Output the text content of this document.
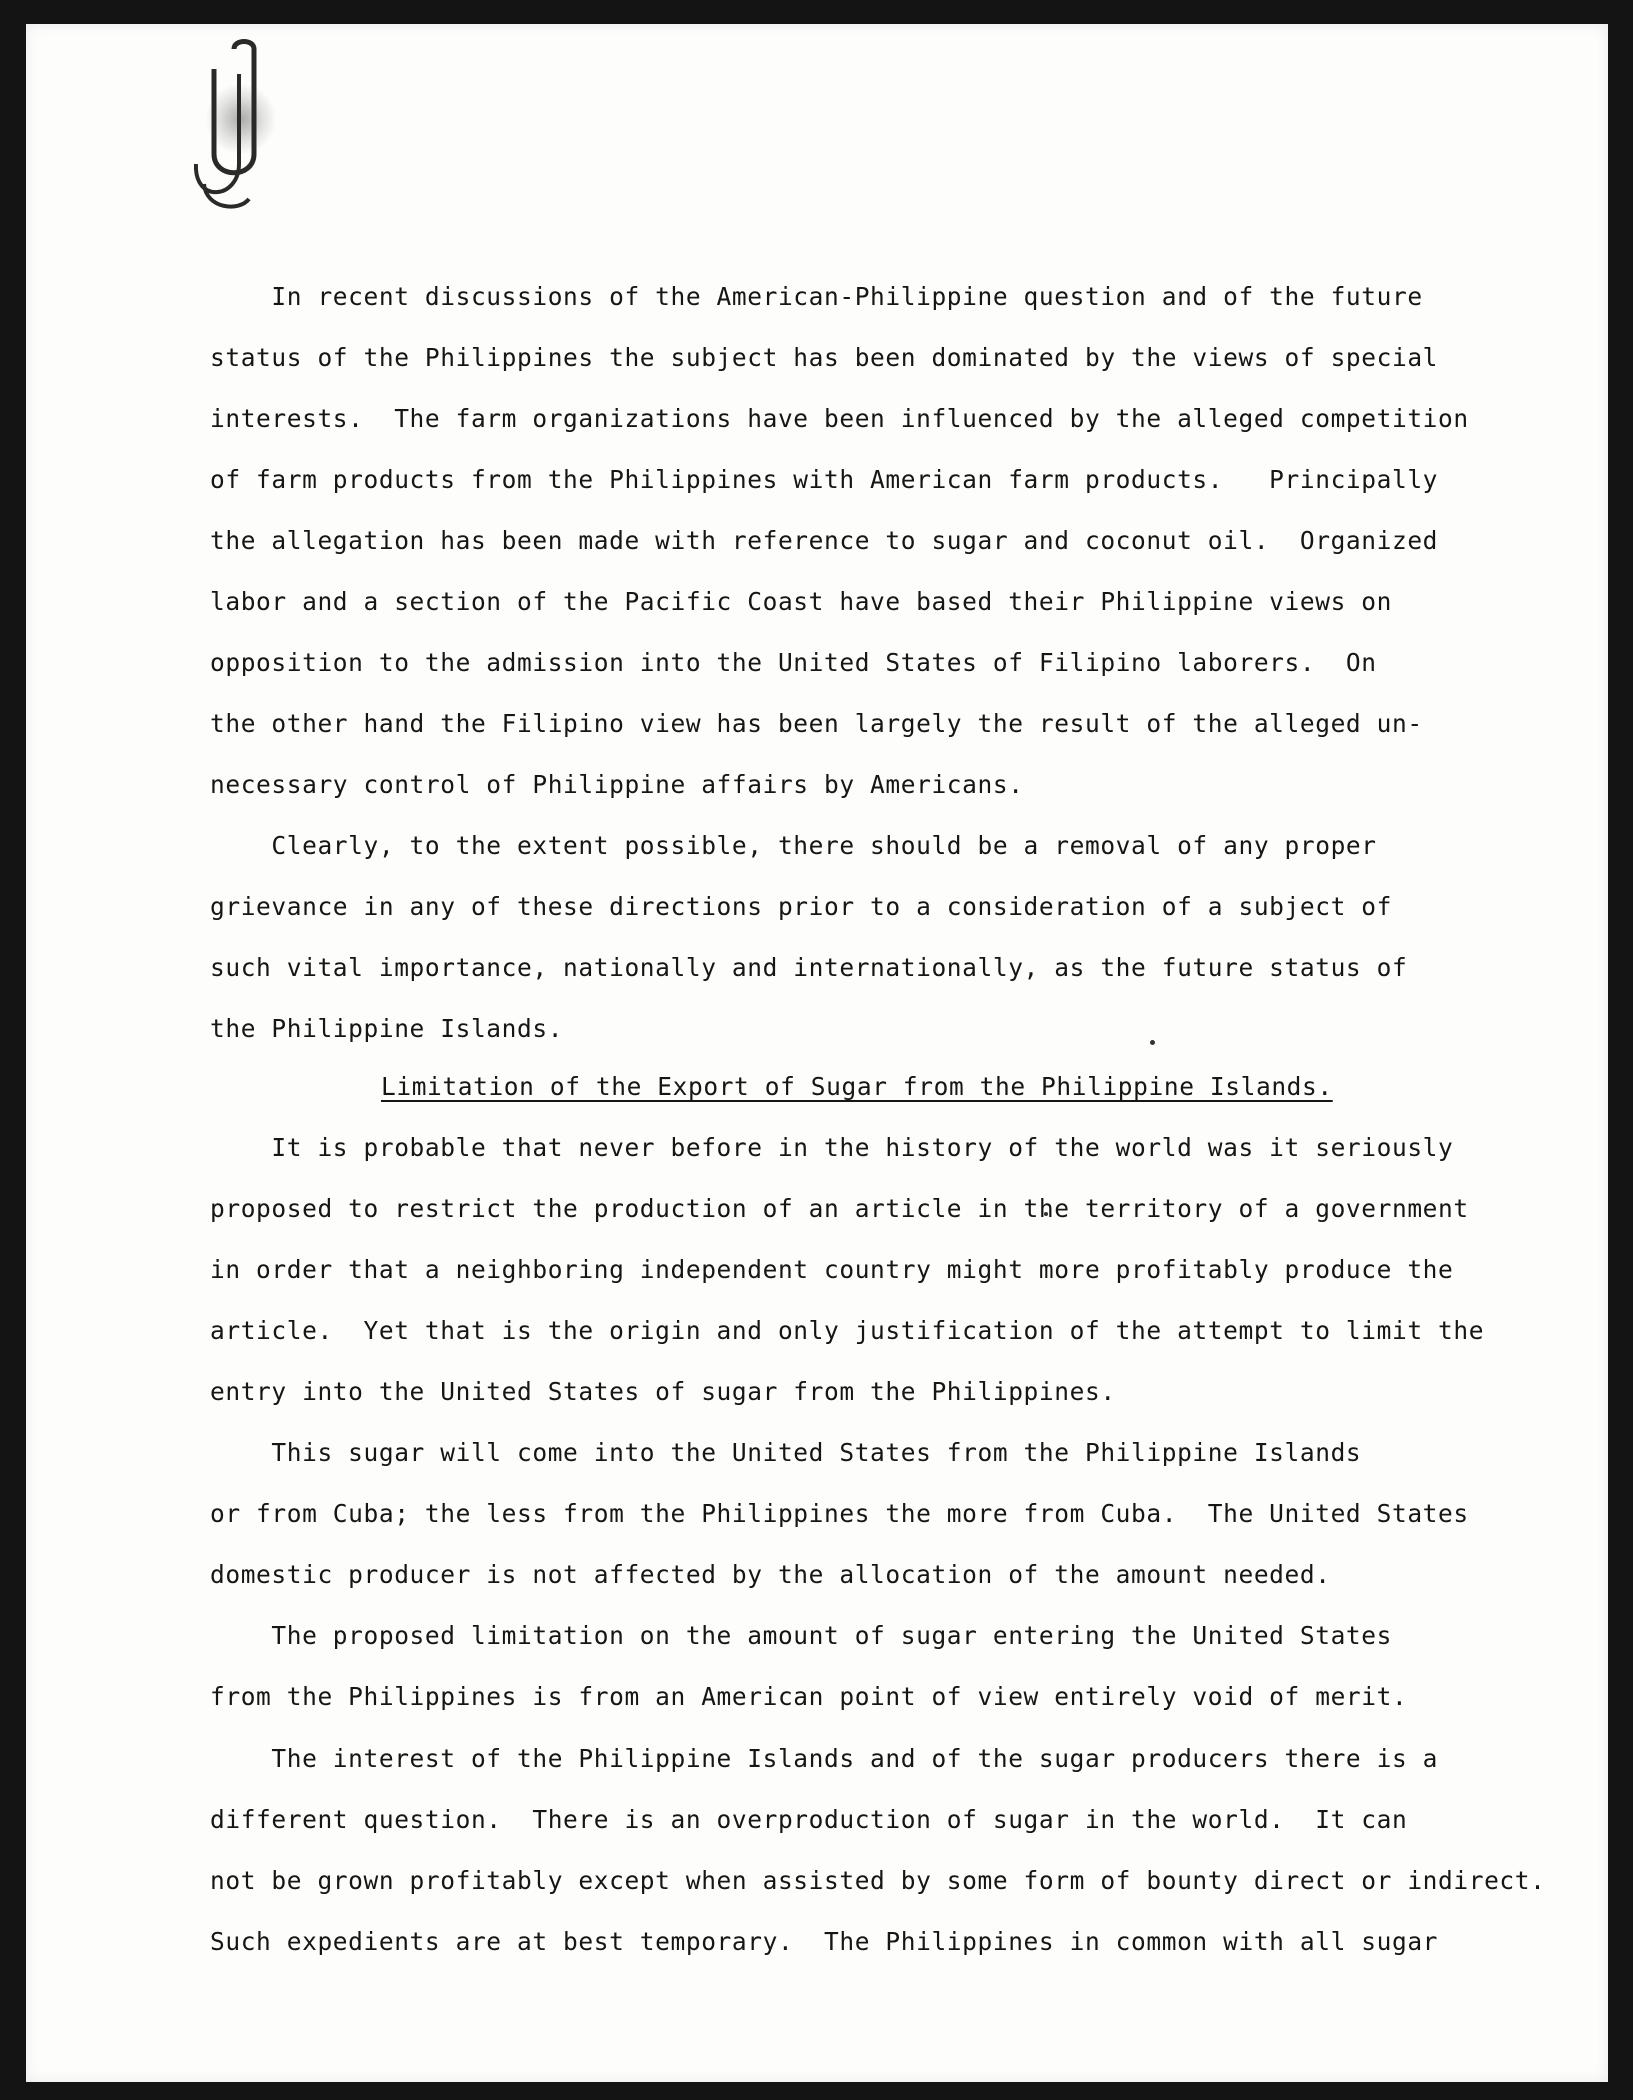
In recent discussions of the American-Philippine question and of the future
status of the Philippines the subject has been dominated by the views of special
interests.  The farm organizations have been influenced by the alleged competition
of farm products from the Philippines with American farm products.   Principally
the allegation has been made with reference to sugar and coconut oil.  Organized
labor and a section of the Pacific Coast have based their Philippine views on
opposition to the admission into the United States of Filipino laborers.  On
the other hand the Filipino view has been largely the result of the alleged un-
necessary control of Philippine affairs by Americans.
Clearly, to the extent possible, there should be a removal of any proper
grievance in any of these directions prior to a consideration of a subject of
such vital importance, nationally and internationally, as the future status of
the Philippine Islands.
Limitation of the Export of Sugar from the Philippine Islands.
It is probable that never before in the history of the world was it seriously
proposed to restrict the production of an article in the territory of a government
in order that a neighboring independent country might more profitably produce the
article.  Yet that is the origin and only justification of the attempt to limit the
entry into the United States of sugar from the Philippines.
This sugar will come into the United States from the Philippine Islands
or from Cuba; the less from the Philippines the more from Cuba.  The United States
domestic producer is not affected by the allocation of the amount needed.
The proposed limitation on the amount of sugar entering the United States
from the Philippines is from an American point of view entirely void of merit.
The interest of the Philippine Islands and of the sugar producers there is a
different question.  There is an overproduction of sugar in the world.  It can
not be grown profitably except when assisted by some form of bounty direct or indirect.
Such expedients are at best temporary.  The Philippines in common with all sugar
